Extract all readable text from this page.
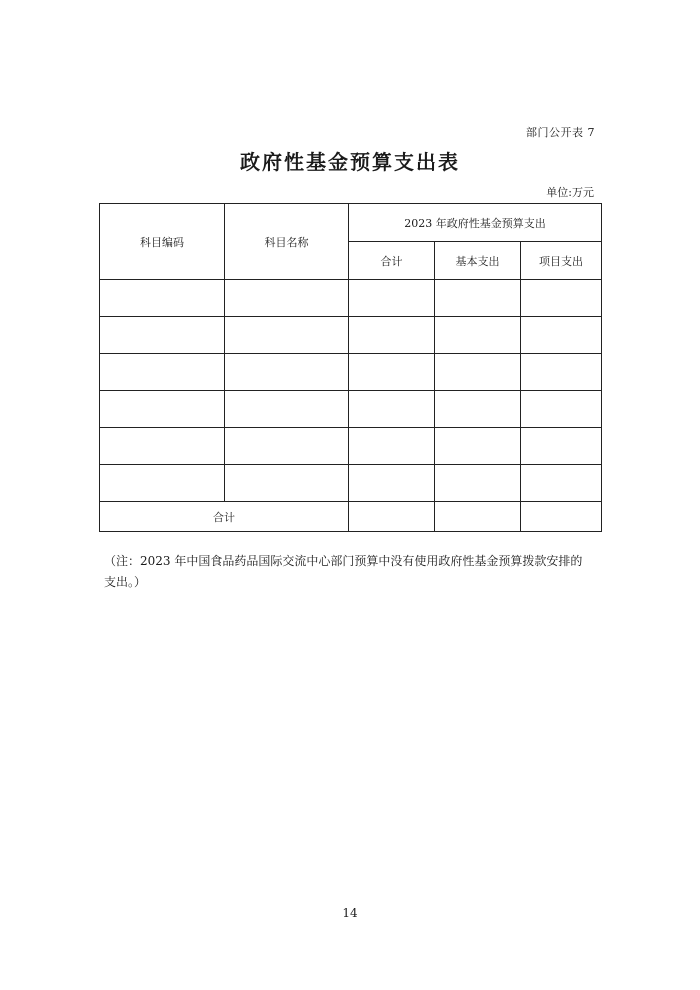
部门公开表 7
政府性基金预算支出表
单位:万元
科目编码	科目名称	2023 年政府性基金预算支出		
		合计	基本支出	项目支出

合计				
（注：2023 年中国食品药品国际交流中心部门预算中没有使用政府性基金预算拨款安排的支出。）
14
